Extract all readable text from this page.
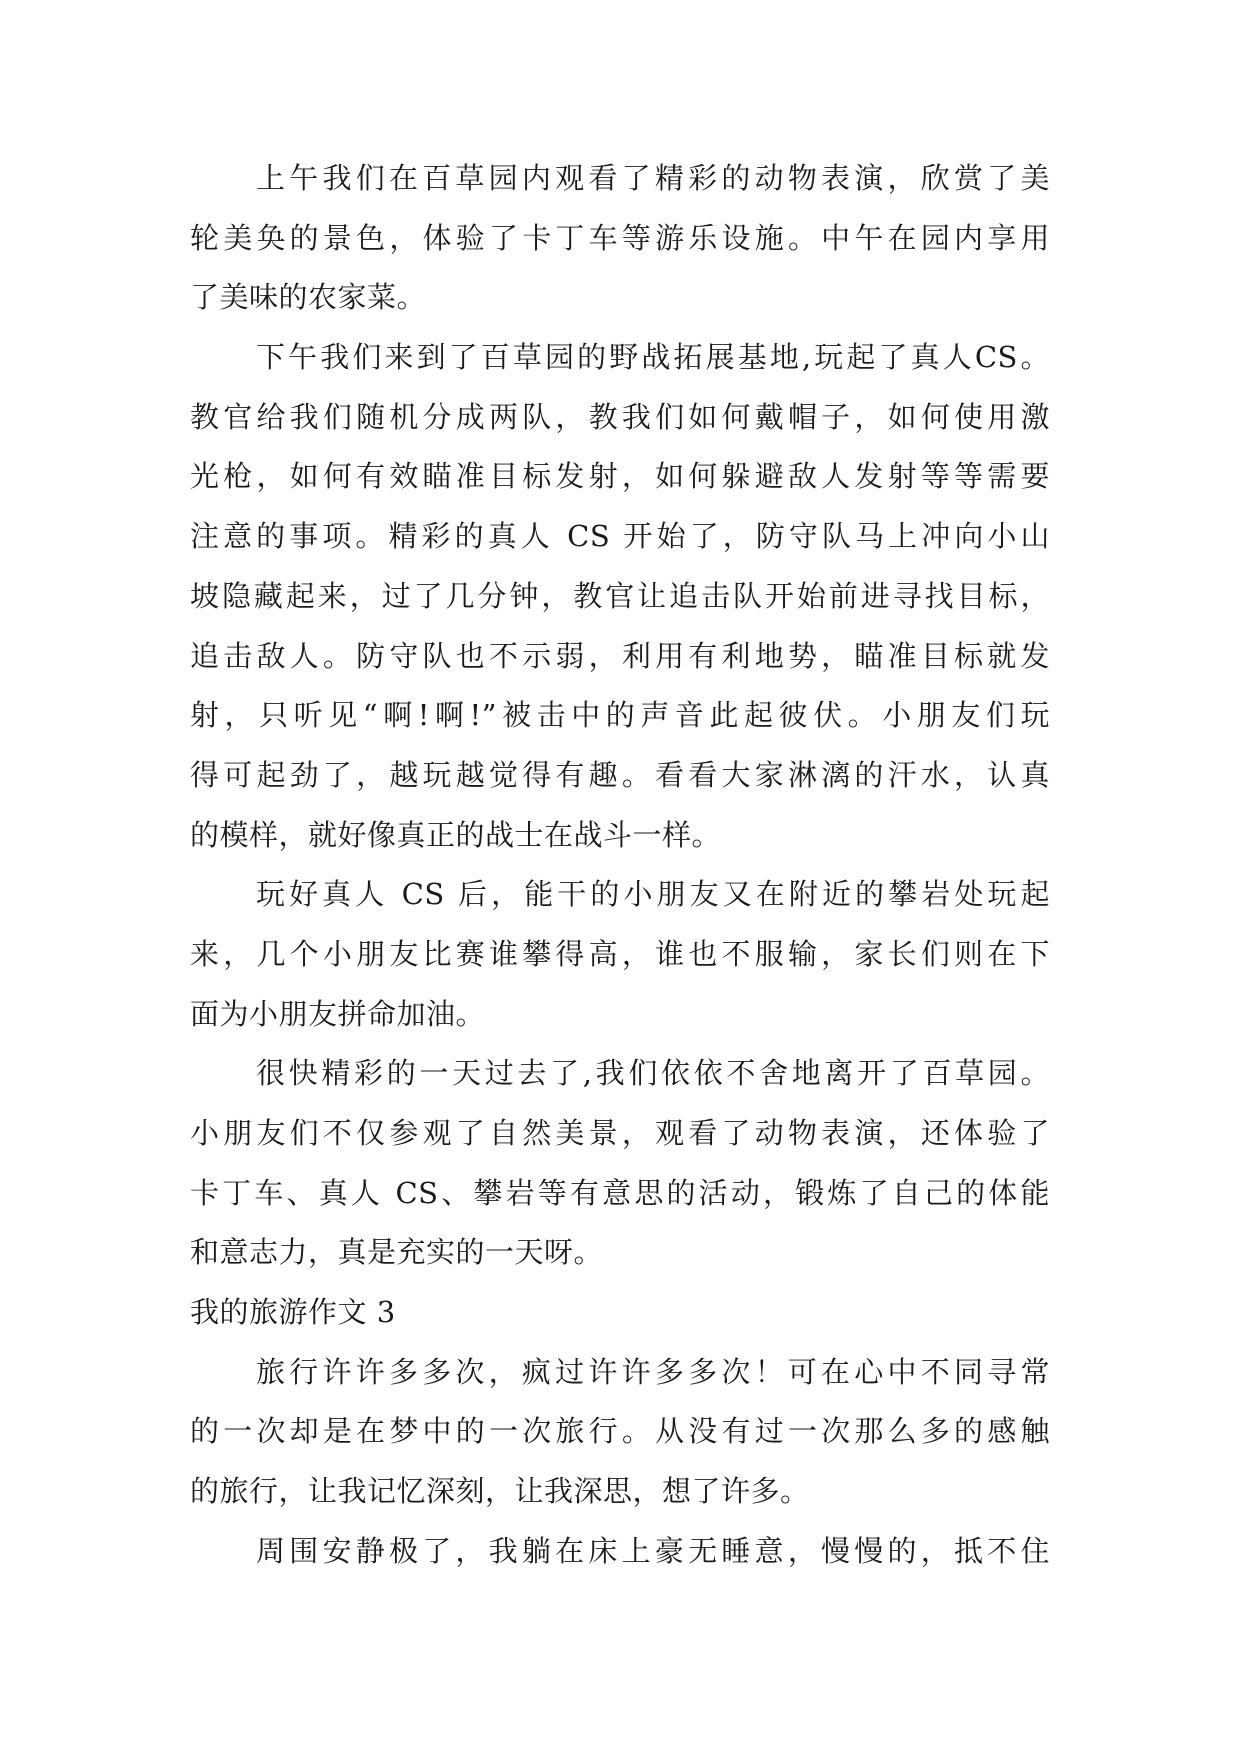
上午我们在百草园内观看了精彩的动物表演，欣赏了美
轮美奂的景色，体验了卡丁车等游乐设施。中午在园内享用
了美味的农家菜。
下午我们来到了百草园的野战拓展基地,玩起了真人CS。
教官给我们随机分成两队，教我们如何戴帽子，如何使用激
光枪，如何有效瞄准目标发射，如何躲避敌人发射等等需要
注意的事项。精彩的真人 CS 开始了，防守队马上冲向小山
坡隐藏起来，过了几分钟，教官让追击队开始前进寻找目标，
追击敌人。防守队也不示弱，利用有利地势，瞄准目标就发
射，只听见“啊!啊!”被击中的声音此起彼伏。小朋友们玩
得可起劲了，越玩越觉得有趣。看看大家淋漓的汗水，认真
的模样，就好像真正的战士在战斗一样。
玩好真人 CS 后，能干的小朋友又在附近的攀岩处玩起
来，几个小朋友比赛谁攀得高，谁也不服输，家长们则在下
面为小朋友拼命加油。
很快精彩的一天过去了,我们依依不舍地离开了百草园。
小朋友们不仅参观了自然美景，观看了动物表演，还体验了
卡丁车、真人 CS、攀岩等有意思的活动，锻炼了自己的体能
和意志力，真是充实的一天呀。
我的旅游作文 3
旅行许许多多次，疯过许许多多次！可在心中不同寻常
的一次却是在梦中的一次旅行。从没有过一次那么多的感触
的旅行，让我记忆深刻，让我深思，想了许多。
周围安静极了，我躺在床上豪无睡意，慢慢的，抵不住
